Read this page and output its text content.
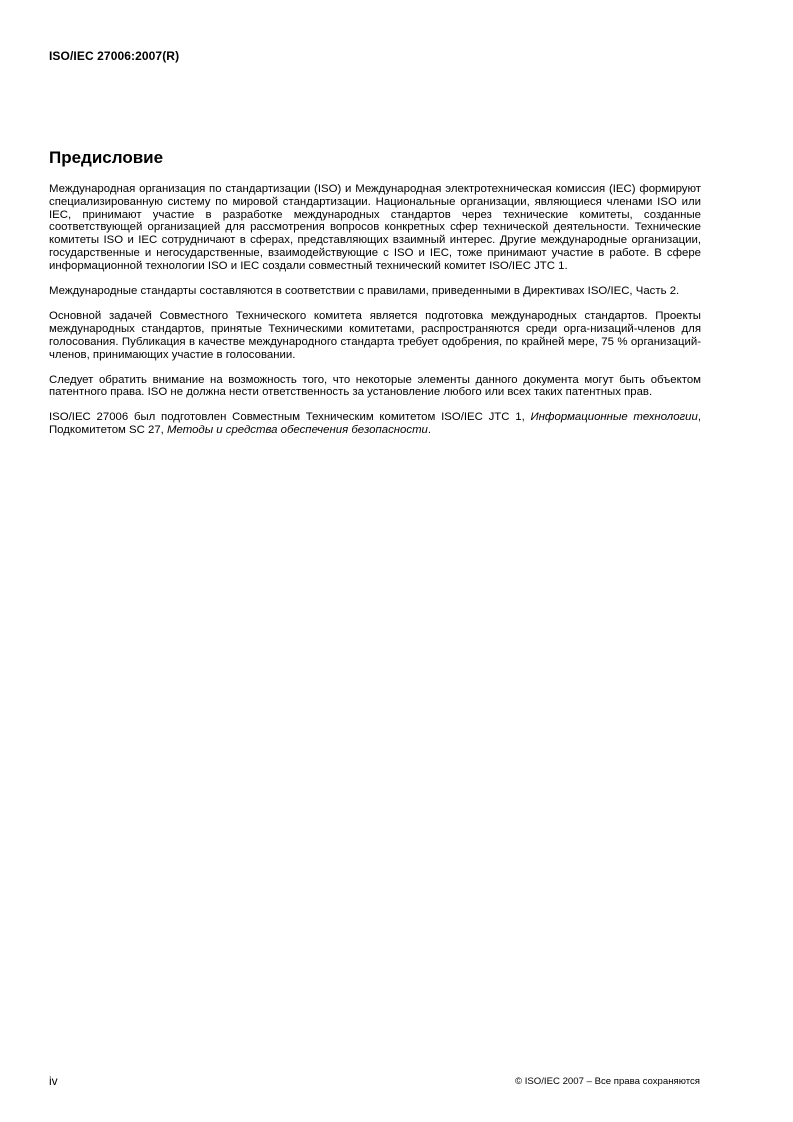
ISO/IEC 27006:2007(R)
Предисловие

Международная организация по стандартизации (ISO) и Международная электротехническая комиссия (IEC) формируют специализированную систему по мировой стандартизации. Национальные организации, являющиеся членами ISO или IEC, принимают участие в разработке международных стандартов через технические комитеты, созданные соответствующей организацией для рассмотрения вопросов конкретных сфер технической деятельности. Технические комитеты ISO и IEC сотрудничают в сферах, представляющих взаимный интерес. Другие международные организации, государственные и негосударственные, взаимодействующие с ISO и IEC, тоже принимают участие в работе. В сфере информационной технологии ISO и IEC создали совместный технический комитет ISO/IEC JTC 1.

Международные стандарты составляются в соответствии с правилами, приведенными в Директивах ISO/IEC, Часть 2.

Основной задачей Совместного Технического комитета является подготовка международных стандартов. Проекты международных стандартов, принятые Техническими комитетами, распространяются среди орга-низаций-членов для голосования. Публикация в качестве международного стандарта требует одобрения, по крайней мере, 75 % организаций-членов, принимающих участие в голосовании.

Следует обратить внимание на возможность того, что некоторые элементы данного документа могут быть объектом патентного права. ISO не должна нести ответственность за установление любого или всех таких патентных прав.

ISO/IEC 27006 был подготовлен Совместным Техническим комитетом ISO/IEC JTC 1, Информационные технологии, Подкомитетом SC 27, Методы и средства обеспечения безопасности.

iv	© ISO/IEC 2007 – Все права сохраняются
